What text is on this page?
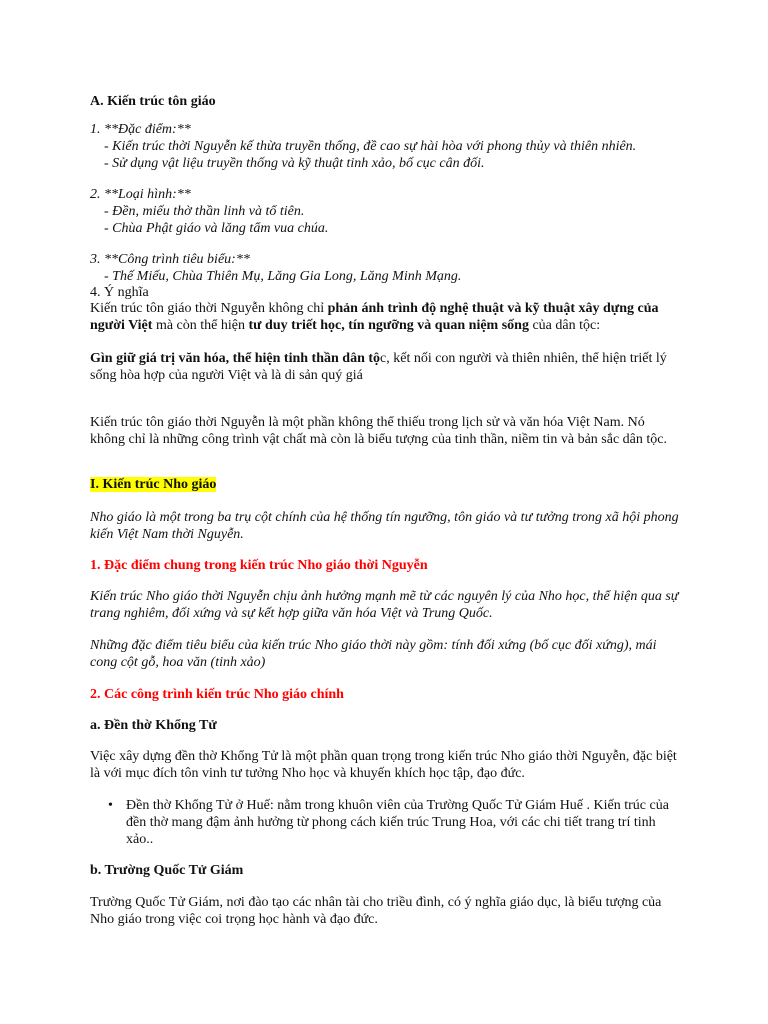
A. Kiến trúc tôn giáo
1. **Đặc điểm:**
- Kiến trúc thời Nguyễn kế thừa truyền thống, đề cao sự hài hòa với phong thủy và thiên nhiên.
- Sử dụng vật liệu truyền thống và kỹ thuật tinh xảo, bố cục cân đối.
2. **Loại hình:**
- Đền, miếu thờ thần linh và tổ tiên.
- Chùa Phật giáo và lăng tẩm vua chúa.
3. **Công trình tiêu biểu:**
- Thế Miếu, Chùa Thiên Mụ, Lăng Gia Long, Lăng Minh Mạng.
4. Ý nghĩa
Kiến trúc tôn giáo thời Nguyễn không chỉ phản ánh trình độ nghệ thuật và kỹ thuật xây dựng của người Việt mà còn thể hiện tư duy triết học, tín ngưỡng và quan niệm sống của dân tộc:
Gìn giữ giá trị văn hóa, thể hiện tinh thần dân tộc, kết nối con người và thiên nhiên, thể hiện triết lý sống hòa hợp của người Việt và là di sản quý giá
Kiến trúc tôn giáo thời Nguyễn là một phần không thể thiếu trong lịch sử và văn hóa Việt Nam. Nó không chỉ là những công trình vật chất mà còn là biểu tượng của tinh thần, niềm tin và bản sắc dân tộc.
I. Kiến trúc Nho giáo
Nho giáo là một trong ba trụ cột chính của hệ thống tín ngưỡng, tôn giáo và tư tưởng trong xã hội phong kiến Việt Nam thời Nguyễn.
1. Đặc điểm chung trong kiến trúc Nho giáo thời Nguyễn
Kiến trúc Nho giáo thời Nguyễn chịu ảnh hưởng mạnh mẽ từ các nguyên lý của Nho học, thể hiện qua sự trang nghiêm, đối xứng và sự kết hợp giữa văn hóa Việt và Trung Quốc.
Những đặc điểm tiêu biểu của kiến trúc Nho giáo thời này gồm: tính đối xứng (bố cục đối xứng), mái cong cột gỗ, hoa văn (tinh xảo)
2. Các công trình kiến trúc Nho giáo chính
a. Đền thờ Khổng Tử
Việc xây dựng đền thờ Khổng Tử là một phần quan trọng trong kiến trúc Nho giáo thời Nguyễn, đặc biệt là với mục đích tôn vinh tư tưởng Nho học và khuyến khích học tập, đạo đức.
• Đền thờ Khổng Tử ở Huế: nằm trong khuôn viên của Trường Quốc Tử Giám Huế . Kiến trúc của đền thờ mang đậm ảnh hưởng từ phong cách kiến trúc Trung Hoa, với các chi tiết trang trí tinh xảo..
b. Trường Quốc Tử Giám
Trường Quốc Tử Giám, nơi đào tạo các nhân tài cho triều đình, có ý nghĩa giáo dục, là biểu tượng của Nho giáo trong việc coi trọng học hành và đạo đức.
